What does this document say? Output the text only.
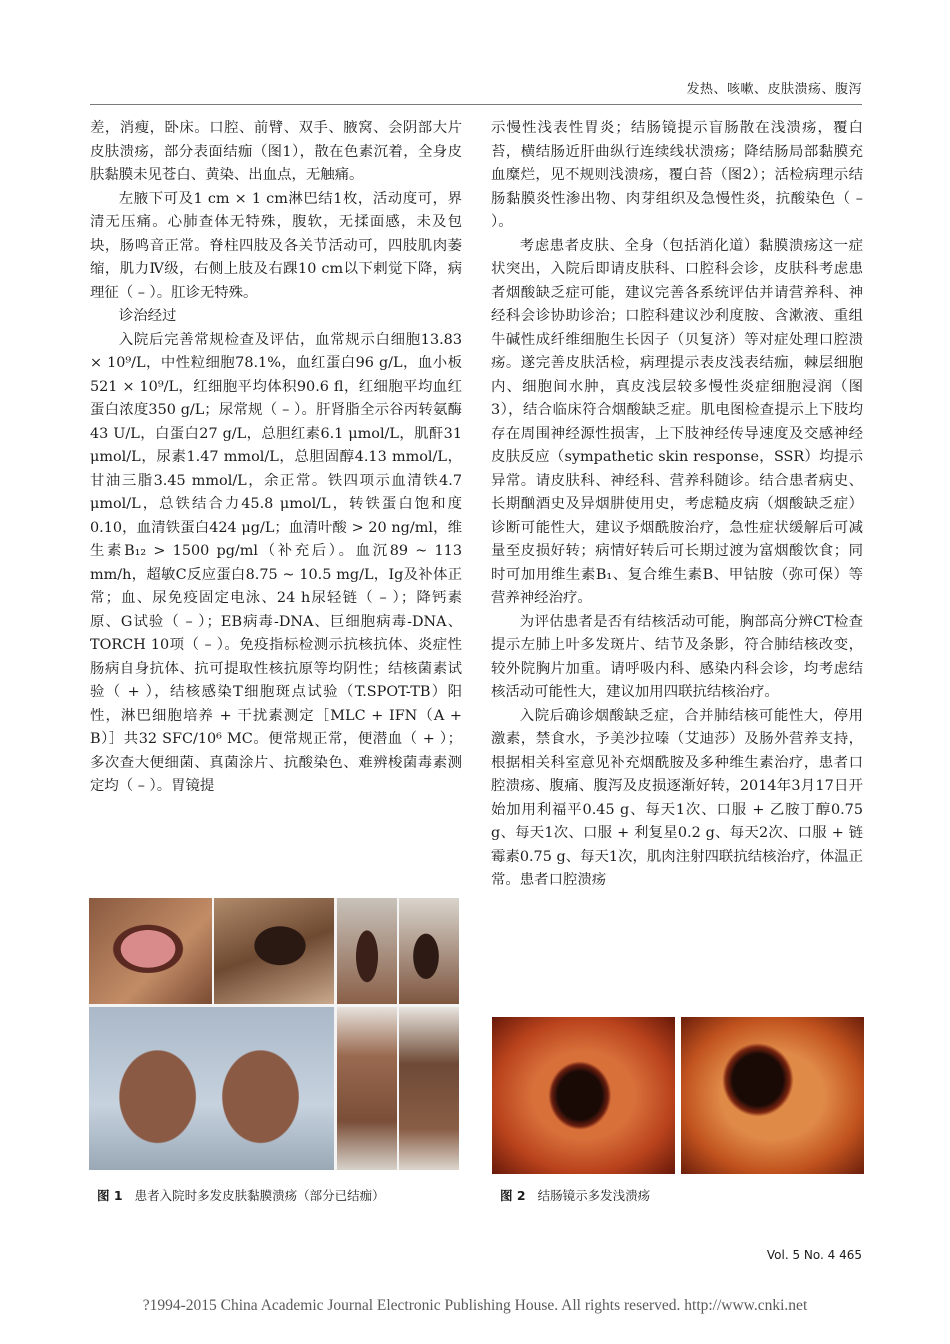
发热、咳嗽、皮肤溃疡、腹泻

差，消瘦，卧床。口腔、前臂、双手、腋窝、会阴部大片皮肤溃疡，部分表面结痂（图1），散在色素沉着，全身皮肤黏膜未见苍白、黄染、出血点，无触痛。

左腋下可及1 cm × 1 cm淋巴结1枚，活动度可，界清无压痛。心肺查体无特殊，腹软，无揉面感，未及包块，肠鸣音正常。脊柱四肢及各关节活动可，四肢肌肉萎缩，肌力Ⅳ级，右侧上肢及右踝10 cm以下剌觉下降，病理征（ – ）。肛诊无特殊。

诊治经过

入院后完善常规检查及评估，血常规示白细胞13.83 × 10⁹/L，中性粒细胞78.1%，血红蛋白96 g/L，血小板521 × 10⁹/L，红细胞平均体积90.6 fl，红细胞平均血红蛋白浓度350 g/L；尿常规（ – ）。肝肾脂全示谷丙转氨酶43 U/L，白蛋白27 g/L，总胆红素6.1 μmol/L，肌酐31 μmol/L，尿素1.47 mmol/L，总胆固醇4.13 mmol/L，甘油三脂3.45 mmol/L，余正常。铁四项示血清铁4.7 μmol/L，总铁结合力45.8 μmol/L，转铁蛋白饱和度0.10，血清铁蛋白424 μg/L；血清叶酸 > 20 ng/ml，维生素B₁₂ > 1500 pg/ml（补充后）。血沉89 ~ 113 mm/h，超敏C反应蛋白8.75 ~ 10.5 mg/L，Ig及补体正常；血、尿免疫固定电泳、24 h尿轻链（ – ）；降钙素原、G试验（ – ）；EB病毒-DNA、巨细胞病毒-DNA、TORCH 10项（ – ）。免疫指标检测示抗核抗体、炎症性肠病自身抗体、抗可提取性核抗原等均阴性；结核菌素试验（ + ），结核感染T细胞斑点试验（T.SPOT-TB）阳性，淋巴细胞培养 + 干扰素测定［MLC + IFN（A + B）］共32 SFC/10⁶ MC。便常规正常，便潜血（ + ）；多次查大便细菌、真菌涂片、抗酸染色、难辨梭菌毒素测定均（ – ）。胃镜提

示慢性浅表性胃炎；结肠镜提示盲肠散在浅溃疡，覆白苔，横结肠近肝曲纵行连续线状溃疡；降结肠局部黏膜充血糜烂，见不规则浅溃疡，覆白苔（图2）；活检病理示结肠黏膜炎性渗出物、肉芽组织及急慢性炎，抗酸染色（ – ）。

考虑患者皮肤、全身（包括消化道）黏膜溃疡这一症状突出，入院后即请皮肤科、口腔科会诊，皮肤科考虑患者烟酸缺乏症可能，建议完善各系统评估并请营养科、神经科会诊协助诊治；口腔科建议沙利度胺、含漱液、重组牛碱性成纤维细胞生长因子（贝复济）等对症处理口腔溃疡。遂完善皮肤活检，病理提示表皮浅表结痂，棘层细胞内、细胞间水肿，真皮浅层较多慢性炎症细胞浸润（图3），结合临床符合烟酸缺乏症。肌电图检查提示上下肢均存在周围神经源性损害，上下肢神经传导速度及交感神经皮肤反应（sympathetic skin response，SSR）均提示异常。请皮肤科、神经科、营养科随诊。结合患者病史、长期酗酒史及异烟肼使用史，考虑糙皮病（烟酸缺乏症）诊断可能性大，建议予烟酰胺治疗，急性症状缓解后可减量至皮损好转；病情好转后可长期过渡为富烟酸饮食；同时可加用维生素B₁、复合维生素B、甲钴胺（弥可保）等营养神经治疗。

为评估患者是否有结核活动可能，胸部高分辨CT检查提示左肺上叶多发斑片、结节及条影，符合肺结核改变，较外院胸片加重。请呼吸内科、感染内科会诊，均考虑结核活动可能性大，建议加用四联抗结核治疗。

入院后确诊烟酸缺乏症，合并肺结核可能性大，停用激素，禁食水，予美沙拉嗪（艾迪莎）及肠外营养支持，根据相关科室意见补充烟酰胺及多种维生素治疗，患者口腔溃疡、腹痛、腹泻及皮损逐渐好转，2014年3月17日开始加用利福平0.45 g、每天1次、口服 + 乙胺丁醇0.75 g、每天1次、口服 + 利复星0.2 g、每天2次、口服 + 链霉素0.75 g、每天1次，肌肉注射四联抗结核治疗，体温正常。患者口腔溃疡

图 1 患者入院时多发皮肤黏膜溃疡（部分已结痂）	图 2 结肠镜示多发浅溃疡
Vol. 5 No. 4 465
?1994-2015 China Academic Journal Electronic Publishing House. All rights reserved. http://www.cnki.net
